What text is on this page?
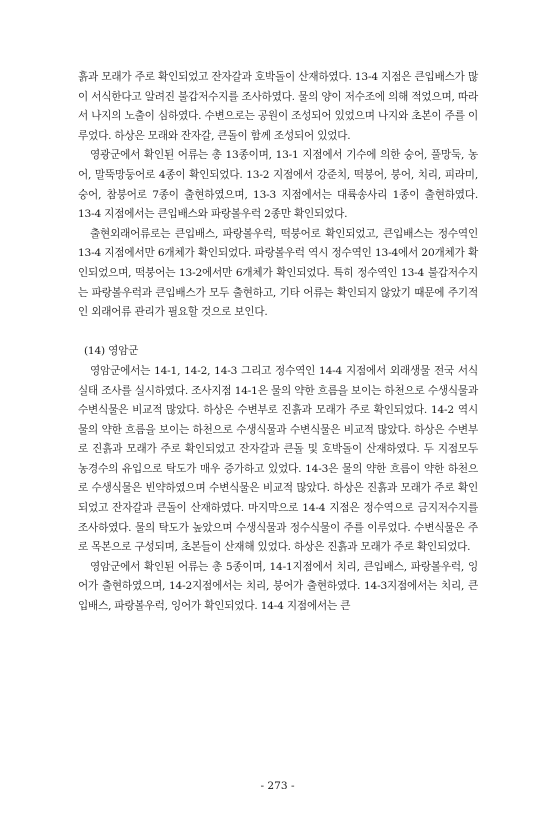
흙과 모래가 주로 확인되었고 잔자갈과 호박돌이 산재하였다. 13-4 지점은 큰입배스가 많이 서식한다고 알려진 불갑저수지를 조사하였다. 물의 양이 저수조에 의해 적었으며, 따라서 나지의 노출이 심하였다. 수변으로는 공원이 조성되어 있었으며 나지와 초본이 주를 이루었다. 하상은 모래와 잔자갈, 큰돌이 함께 조성되어 있었다.

영광군에서 확인된 어류는 총 13종이며, 13-1 지점에서 기수에 의한 숭어, 풀망둑, 농어, 말뚝망둥어로 4종이 확인되었다. 13-2 지점에서 강준치, 떡붕어, 붕어, 치리, 피라미, 숭어, 참붕어로 7종이 출현하였으며, 13-3 지점에서는 대륙송사리 1종이 출현하였다. 13-4 지점에서는 큰입배스와 파랑볼우럭 2종만 확인되었다.

출현외래어류로는 큰입배스, 파랑볼우럭, 떡붕어로 확인되었고, 큰입배스는 정수역인 13-4 지점에서만 6개체가 확인되었다. 파랑볼우럭 역시 정수역인 13-4에서 20개체가 확인되었으며, 떡붕어는 13-2에서만 6개체가 확인되었다. 특히 정수역인 13-4 불갑저수지는 파랑볼우럭과 큰입배스가 모두 출현하고, 기타 어류는 확인되지 않았기 때문에 주기적인 외래어류 관리가 필요할 것으로 보인다.

(14) 영암군

영암군에서는 14-1, 14-2, 14-3 그리고 정수역인 14-4 지점에서 외래생물 전국 서식실태 조사를 실시하였다. 조사지점 14-1은 물의 약한 흐름을 보이는 하천으로 수생식물과 수변식물은 비교적 많았다. 하상은 수변부로 진흙과 모래가 주로 확인되었다. 14-2 역시 물의 약한 흐름을 보이는 하천으로 수생식물과 수변식물은 비교적 많았다. 하상은 수변부로 진흙과 모래가 주로 확인되었고 잔자갈과 큰돌 및 호박돌이 산재하였다. 두 지점모두 농경수의 유입으로 탁도가 매우 증가하고 있었다. 14-3은 물의 약한 흐름이 약한 하천으로 수생식물은 빈약하였으며 수변식물은 비교적 많았다. 하상은 진흙과 모래가 주로 확인되었고 잔자갈과 큰돌이 산재하였다. 마지막으로 14-4 지점은 정수역으로 금지저수지를 조사하였다. 물의 탁도가 높았으며 수생식물과 정수식물이 주를 이루었다. 수변식물은 주로 목본으로 구성되며, 초본들이 산재해 있었다. 하상은 진흙과 모래가 주로 확인되었다.

영암군에서 확인된 어류는 총 5종이며, 14-1지점에서 치리, 큰입배스, 파랑볼우럭, 잉어가 출현하였으며, 14-2지점에서는 치리, 붕어가 출현하였다. 14-3지점에서는 치리, 큰입배스, 파랑볼우럭, 잉어가 확인되었다. 14-4 지점에서는 큰

- 273 -
